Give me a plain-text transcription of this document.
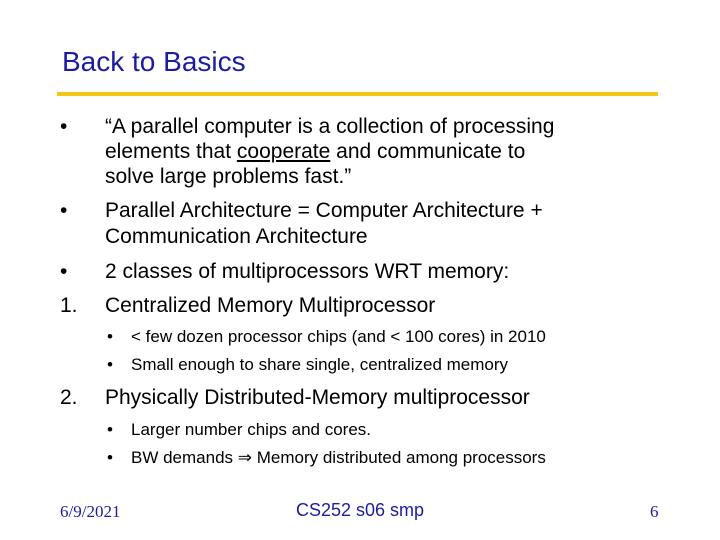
Back to Basics
• “A parallel computer is a collection of processing
elements that cooperate and communicate to
solve large problems fast.”
• Parallel Architecture = Computer Architecture +
Communication Architecture
• 2 classes of multiprocessors WRT memory:
1. Centralized Memory Multiprocessor
• < few dozen processor chips (and < 100 cores) in 2010
• Small enough to share single, centralized memory
2. Physically Distributed-Memory multiprocessor
• Larger number chips and cores.
• BW demands ⇒ Memory distributed among processors
6/9/2021	CS252 s06 smp	6
